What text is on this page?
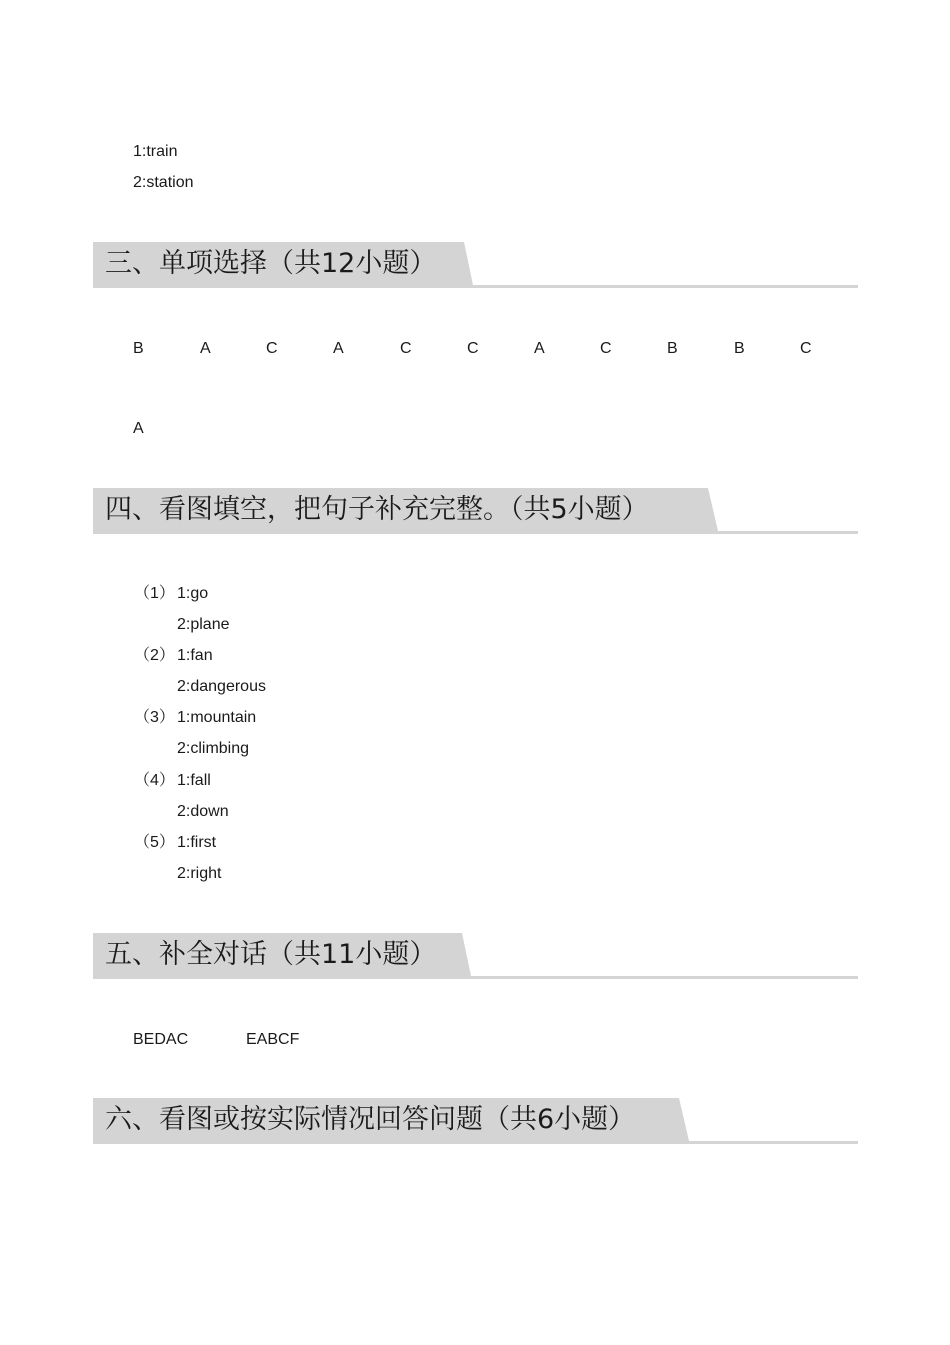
1:train
2:station
三、单项选择（共12小题）
B	A	C	A	C	C	A	C	B	B	C
A
四、看图填空，把句子补充完整。（共5小题）
（1） 1:go
2:plane
（2） 1:fan
2:dangerous
（3） 1:mountain
2:climbing
（4） 1:fall
2:down
（5） 1:first
2:right
五、补全对话（共11小题）
BEDAC	EABCF
六、看图或按实际情况回答问题（共6小题）
